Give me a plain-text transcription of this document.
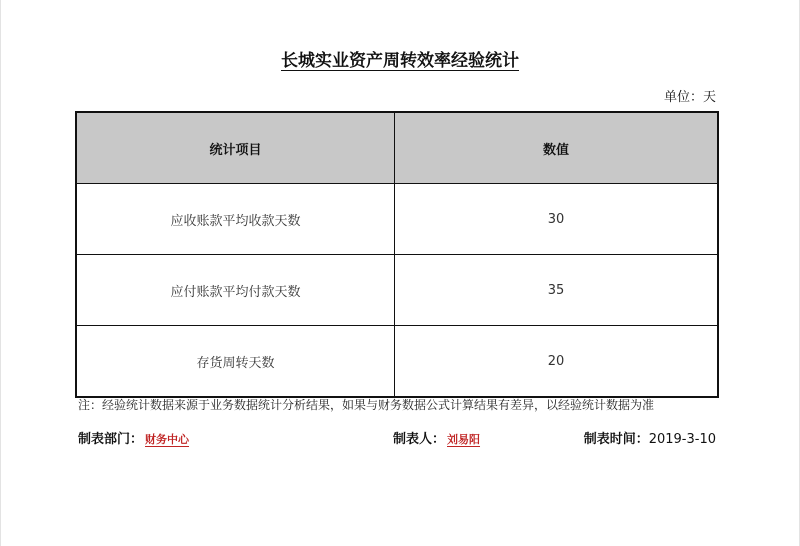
长城实业资产周转效率经验统计
单位：天
统计项目	数值
应收账款平均收款天数	30
应付账款平均付款天数	35
存货周转天数	20
注：经验统计数据来源于业务数据统计分析结果，如果与财务数据公式计算结果有差异，以经验统计数据为准
制表部门： 财务中心	制表人： 刘易阳	制表时间：2019-3-10
